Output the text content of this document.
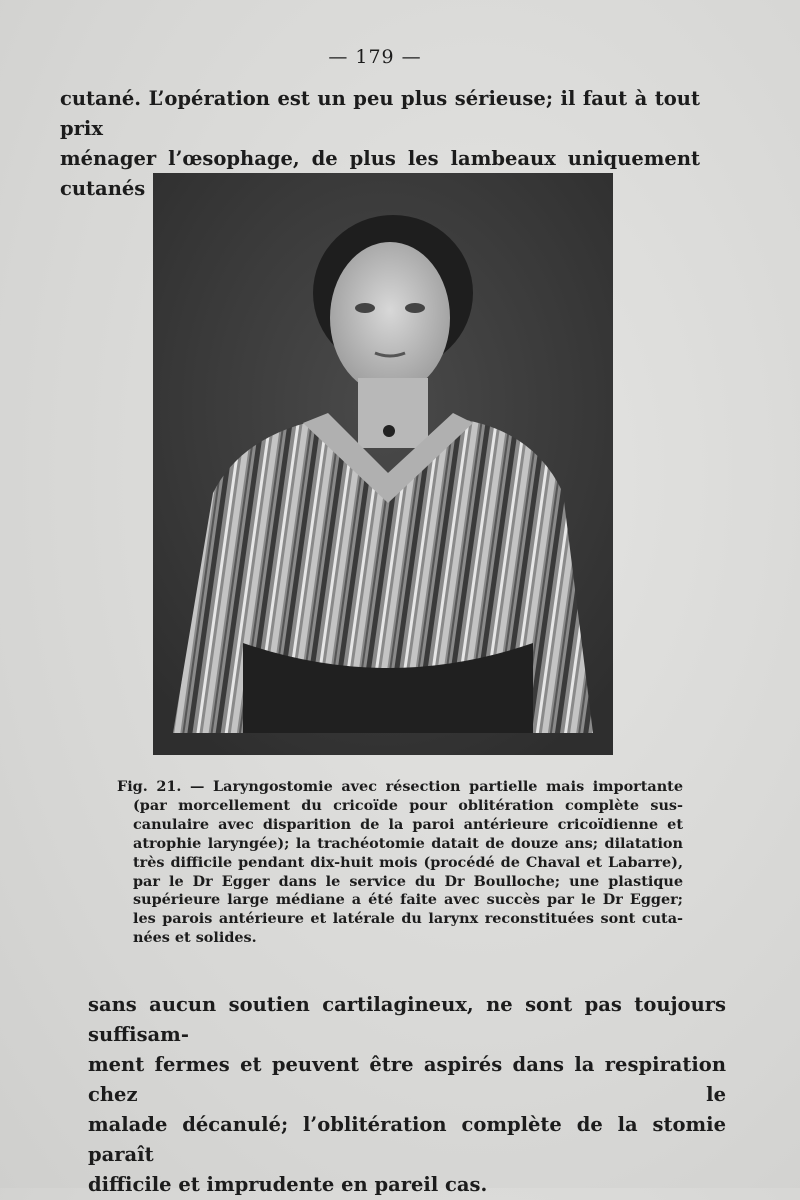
— 179 —
cutané. L’opération est un peu plus sérieuse; il faut à tout prix
ménager l’œsophage, de plus les lambeaux uniquement cutanés
Fig. 21. — Laryngostomie avec résection partielle mais importante
(par morcellement du cricoïde pour oblitération complète sus-
canulaire avec disparition de la paroi antérieure cricoïdienne et
atrophie laryngée); la trachéotomie datait de douze ans; dilatation
très difficile pendant dix-huit mois (procédé de Chaval et Labarre),
par le Dr Egger dans le service du Dr Boulloche; une plastique
supérieure large médiane a été faite avec succès par le Dr Egger;
les parois antérieure et latérale du larynx reconstituées sont cuta-
nées et solides.
sans aucun soutien cartilagineux, ne sont pas toujours suffisam-
ment fermes et peuvent être aspirés dans la respiration chez le
malade décanulé; l’oblitération complète de la stomie paraît
difficile et imprudente en pareil cas.
